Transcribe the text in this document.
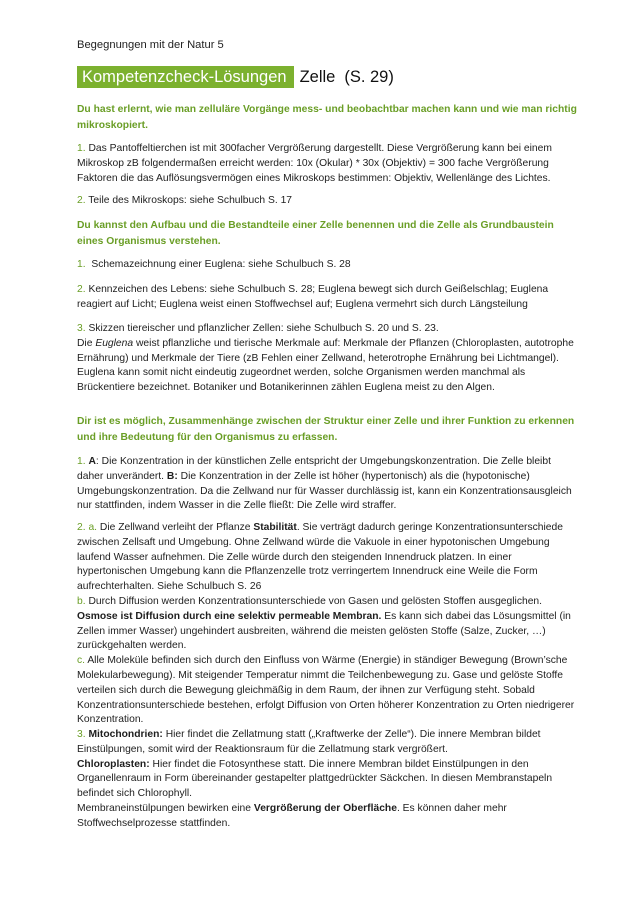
Begegnungen mit der Natur 5

Kompetenzcheck-Lösungen Zelle (S. 29)

Du hast erlernt, wie man zelluläre Vorgänge mess- und beobachtbar machen kann und wie man richtig mikroskopiert.

1. Das Pantoffeltierchen ist mit 300facher Vergrößerung dargestellt. Diese Vergrößerung kann bei einem Mikroskop zB folgendermaßen erreicht werden: 10x (Okular) * 30x (Objektiv) = 300 fache Vergrößerung Faktoren die das Auflösungsvermögen eines Mikroskops bestimmen: Objektiv, Wellenlänge des Lichtes.

2. Teile des Mikroskops: siehe Schulbuch S. 17

Du kannst den Aufbau und die Bestandteile einer Zelle benennen und die Zelle als Grundbaustein eines Organismus verstehen.

1. Schemazeichnung einer Euglena: siehe Schulbuch S. 28

2. Kennzeichen des Lebens: siehe Schulbuch S. 28; Euglena bewegt sich durch Geißelschlag; Euglena reagiert auf Licht; Euglena weist einen Stoffwechsel auf; Euglena vermehrt sich durch Längsteilung

3. Skizzen tiereischer und pflanzlicher Zellen: siehe Schulbuch S. 20 und S. 23.
Die Euglena weist pflanzliche und tierische Merkmale auf: Merkmale der Pflanzen (Chloroplasten, autotrophe Ernährung) und Merkmale der Tiere (zB Fehlen einer Zellwand, heterotrophe Ernährung bei Lichtmangel). Euglena kann somit nicht eindeutig zugeordnet werden, solche Organismen werden manchmal als Brückentiere bezeichnet. Botaniker und Botanikerinnen zählen Euglena meist zu den Algen.

Dir ist es möglich, Zusammenhänge zwischen der Struktur einer Zelle und ihrer Funktion zu erkennen und ihre Bedeutung für den Organismus zu erfassen.

1. A: Die Konzentration in der künstlichen Zelle entspricht der Umgebungskonzentration. Die Zelle bleibt daher unverändert. B: Die Konzentration in der Zelle ist höher (hypertonisch) als die (hypotonische) Umgebungskonzentration. Da die Zellwand nur für Wasser durchlässig ist, kann ein Konzentrationsausgleich nur stattfinden, indem Wasser in die Zelle fließt: Die Zelle wird straffer.

2. a. Die Zellwand verleiht der Pflanze Stabilität. Sie verträgt dadurch geringe Konzentrationsunterschiede zwischen Zellsaft und Umgebung. Ohne Zellwand würde die Vakuole in einer hypotonischen Umgebung laufend Wasser aufnehmen. Die Zelle würde durch den steigenden Innendruck platzen. In einer hypertonischen Umgebung kann die Pflanzenzelle trotz verringertem Innendruck eine Weile die Form aufrechterhalten. Siehe Schulbuch S. 26
b. Durch Diffusion werden Konzentrationsunterschiede von Gasen und gelösten Stoffen ausgeglichen.
Osmose ist Diffusion durch eine selektiv permeable Membran. Es kann sich dabei das Lösungsmittel (in Zellen immer Wasser) ungehindert ausbreiten, während die meisten gelösten Stoffe (Salze, Zucker, …) zurückgehalten werden.
c. Alle Moleküle befinden sich durch den Einfluss von Wärme (Energie) in ständiger Bewegung (Brown’sche Molekularbewegung). Mit steigender Temperatur nimmt die Teilchenbewegung zu. Gase und gelöste Stoffe verteilen sich durch die Bewegung gleichmäßig in dem Raum, der ihnen zur Verfügung steht. Sobald Konzentrationsunterschiede bestehen, erfolgt Diffusion von Orten höherer Konzentration zu Orten niedrigerer Konzentration.

3. Mitochondrien: Hier findet die Zellatmung statt („Kraftwerke der Zelle“). Die innere Membran bildet Einstülpungen, somit wird der Reaktionsraum für die Zellatmung stark vergrößert.
Chloroplasten: Hier findet die Fotosynthese statt. Die innere Membran bildet Einstülpungen in den Organellenraum in Form übereinander gestapelter plattgedrückter Säckchen. In diesen Membranstapeln befindet sich Chlorophyll.
Membraneinstülpungen bewirken eine Vergrößerung der Oberfläche. Es können daher mehr Stoffwechselprozesse stattfinden.
